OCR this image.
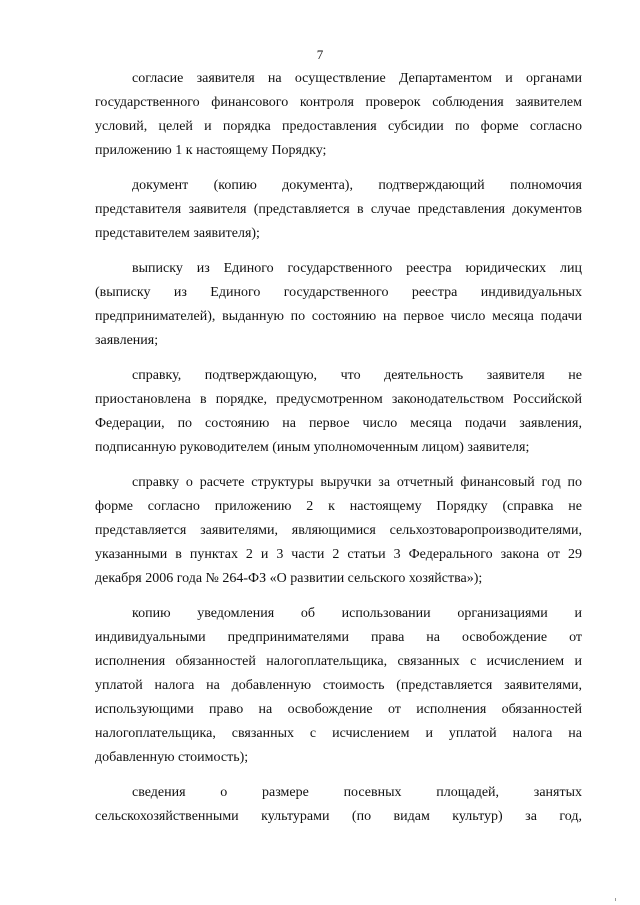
7
согласие заявителя на осуществление Департаментом и органами
государственного финансового контроля проверок соблюдения заявителем
условий, целей и порядка предоставления субсидии по форме согласно
приложению 1 к настоящему Порядку;
документ (копию документа), подтверждающий полномочия
представителя заявителя (представляется в случае представления документов
представителем заявителя);
выписку из Единого государственного реестра юридических лиц
(выписку из Единого государственного реестра индивидуальных
предпринимателей), выданную по состоянию на первое число месяца подачи
заявления;
справку, подтверждающую, что деятельность заявителя не
приостановлена в порядке, предусмотренном законодательством Российской
Федерации, по состоянию на первое число месяца подачи заявления,
подписанную руководителем (иным уполномоченным лицом) заявителя;
справку о расчете структуры выручки за отчетный финансовый год по
форме согласно приложению 2 к настоящему Порядку (справка не
представляется заявителями, являющимися сельхозтоваропроизводителями,
указанными в пунктах 2 и 3 части 2 статьи 3 Федерального закона от 29
декабря 2006 года № 264-ФЗ «О развитии сельского хозяйства»);
копию уведомления об использовании организациями и
индивидуальными предпринимателями права на освобождение от
исполнения обязанностей налогоплательщика, связанных с исчислением и
уплатой налога на добавленную стоимость (представляется заявителями,
использующими право на освобождение от исполнения обязанностей
налогоплательщика, связанных с исчислением и уплатой налога на
добавленную стоимость);
сведения о размере посевных площадей, занятых
сельскохозяйственными культурами (по видам культур) за год,
